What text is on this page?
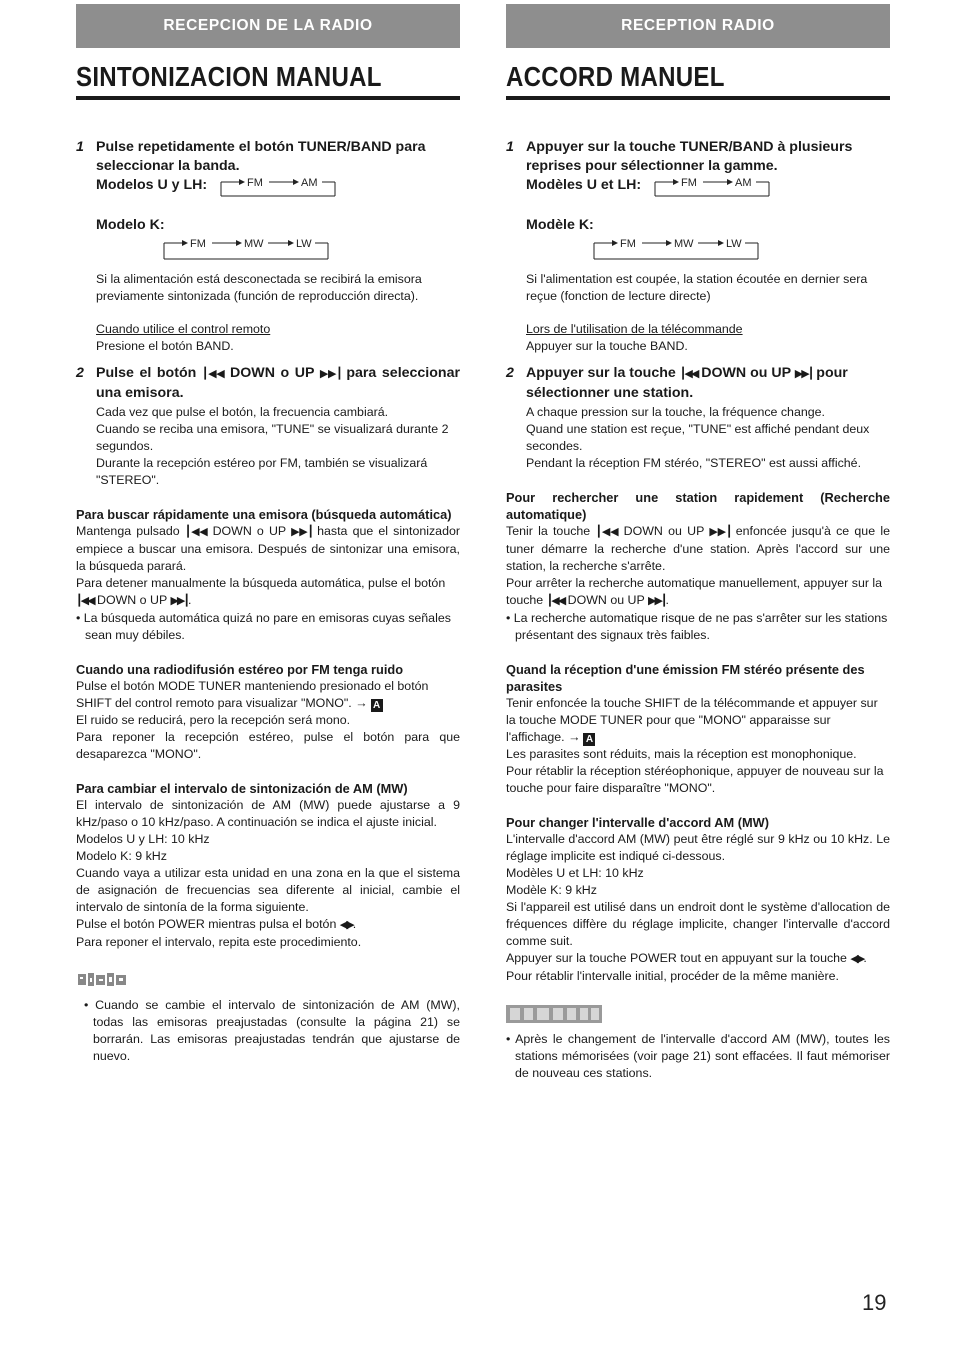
RECEPCION DE LA RADIO
SINTONIZACION MANUAL

1 Pulse repetidamente el botón TUNER/BAND para seleccionar la banda.

Modelos U y LH:	FM	AM

Modelo K:

FM	MW	LW

Si la alimentación está desconectada se recibirá la emisora previamente sintonizada (función de reproducción directa).

Cuando utilice el control remoto

Presione el botón BAND.

2 Pulse el botón ┃◀◀ DOWN o UP ▶▶┃ para seleccionar una emisora.

Cada vez que pulse el botón, la frecuencia cambiará.

Cuando se reciba una emisora, "TUNE" se visualizará durante 2 segundos.

Durante la recepción estéreo por FM, también se visualizará "STEREO".

Para buscar rápidamente una emisora (búsqueda automática)

Mantenga pulsado ┃◀◀ DOWN o UP ▶▶┃ hasta que el sintonizador empiece a buscar una emisora. Después de sintonizar una emisora, la búsqueda parará.

Para detener manualmente la búsqueda automática, pulse el botón ┃◀◀ DOWN o UP ▶▶┃.

• La búsqueda automática quizá no pare en emisoras cuyas señales sean muy débiles.

Cuando una radiodifusión estéreo por FM tenga ruido

Pulse el botón MODE TUNER manteniendo presionado el botón SHIFT del control remoto para visualizar "MONO". → A

El ruido se reducirá, pero la recepción será mono.

Para reponer la recepción estéreo, pulse el botón para que desaparezca "MONO".

Para cambiar el intervalo de sintonización de AM (MW)

El intervalo de sintonización de AM (MW) puede ajustarse a 9 kHz/paso o 10 kHz/paso. A continuación se indica el ajuste inicial.

Modelos U y LH: 10 kHz

Modelo K: 9 kHz

Cuando vaya a utilizar esta unidad en una zona en la que el sistema de asignación de frecuencias sea diferente al inicial, cambie el intervalo de sintonía de la forma siguiente.

Pulse el botón POWER mientras pulsa el botón ◀▶.

Para reponer el intervalo, repita este procedimiento.

• Cuando se cambie el intervalo de sintonización de AM (MW), todas las emisoras preajustadas (consulte la página 21) se borrarán. Las emisoras preajustadas tendrán que ajustarse de nuevo.

RECEPTION RADIO
ACCORD MANUEL

1 Appuyer sur la touche TUNER/BAND à plusieurs reprises pour sélectionner la gamme.

Modèles U et LH:	FM	AM

Modèle K:

FM	MW	LW

Si l'alimentation est coupée, la station écoutée en dernier sera reçue (fonction de lecture directe)

Lors de l'utilisation de la télécommande

Appuyer sur la touche BAND.

2 Appuyer sur la touche ┃◀◀ DOWN ou UP ▶▶┃ pour sélectionner une station.

A chaque pression sur la touche, la fréquence change.

Quand une station est reçue, "TUNE" est affiché pendant deux secondes.

Pendant la réception FM stéréo, "STEREO" est aussi affiché.

Pour rechercher une station rapidement (Recherche automatique)

Tenir la touche ┃◀◀ DOWN ou UP ▶▶┃ enfoncée jusqu'à ce que le tuner démarre la recherche d'une station. Après l'accord sur une station, la recherche s'arrête.

Pour arrêter la recherche automatique manuellement, appuyer sur la touche ┃◀◀ DOWN ou UP ▶▶┃.

• La recherche automatique risque de ne pas s'arrêter sur les stations présentant des signaux très faibles.

Quand la réception d'une émission FM stéréo présente des parasites

Tenir enfoncée la touche SHIFT de la télécommande et appuyer sur la touche MODE TUNER pour que "MONO" apparaisse sur l'affichage. → A

Les parasites sont réduits, mais la réception est monophonique.

Pour rétablir la réception stéréophonique, appuyer de nouveau sur la touche pour faire disparaître "MONO".

Pour changer l'intervalle d'accord AM (MW)

L'intervalle d'accord AM (MW) peut être réglé sur 9 kHz ou 10 kHz. Le réglage implicite est indiqué ci-dessous.

Modèles U et LH: 10 kHz

Modèle K: 9 kHz

Si l'appareil est utilisé dans un endroit dont le système d'allocation de fréquences diffère du réglage implicite, changer l'intervalle d'accord comme suit.

Appuyer sur la touche POWER tout en appuyant sur la touche ◀▶.

Pour rétablir l'intervalle initial, procéder de la même manière.

• Après le changement de l'intervalle d'accord AM (MW), toutes les stations mémorisées (voir page 21) sont effacées. Il faut mémoriser de nouveau ces stations.

19
